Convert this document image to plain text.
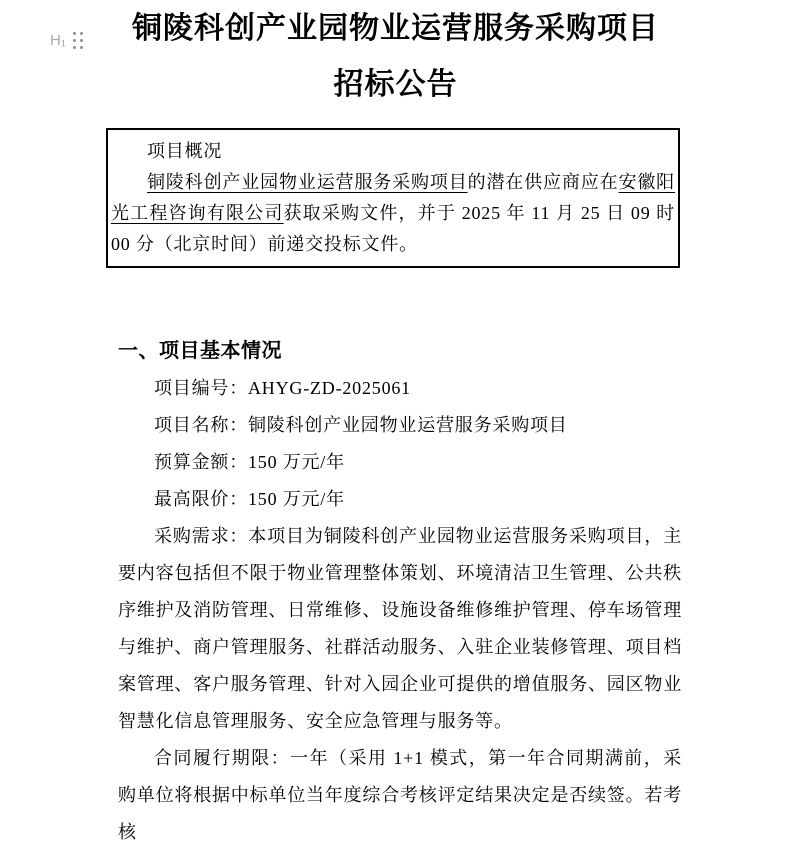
H₁	铜陵科创产业园物业运营服务采购项目
招标公告

项目概况

铜陵科创产业园物业运营服务采购项目的潜在供应商应在安徽阳光工程咨询有限公司获取采购文件，并于 2025 年 11 月 25 日 09 时 00 分（北京时间）前递交投标文件。

一、项目基本情况

项目编号：AHYG-ZD-2025061

项目名称：铜陵科创产业园物业运营服务采购项目

预算金额：150 万元/年

最高限价：150 万元/年

采购需求：本项目为铜陵科创产业园物业运营服务采购项目，主要内容包括但不限于物业管理整体策划、环境清洁卫生管理、公共秩序维护及消防管理、日常维修、设施设备维修维护管理、停车场管理与维护、商户管理服务、社群活动服务、入驻企业装修管理、项目档案管理、客户服务管理、针对入园企业可提供的增值服务、园区物业智慧化信息管理服务、安全应急管理与服务等。

合同履行期限：一年（采用 1+1 模式，第一年合同期满前，采购单位将根据中标单位当年度综合考核评定结果决定是否续签。若考核
